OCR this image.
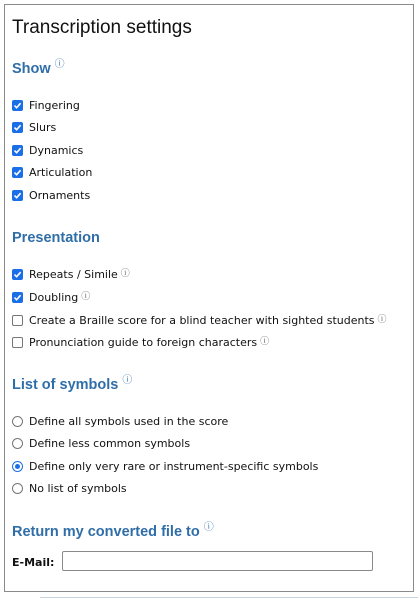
Transcription settings
Show ⓘ
Fingering
Slurs
Dynamics
Articulation
Ornaments
Presentation
Repeats / Simile ⓘ
Doubling ⓘ
Create a Braille score for a blind teacher with sighted students ⓘ
Pronunciation guide to foreign characters ⓘ
List of symbols ⓘ
Define all symbols used in the score
Define less common symbols
Define only very rare or instrument-specific symbols
No list of symbols
Return my converted file to ⓘ
E-Mail:
